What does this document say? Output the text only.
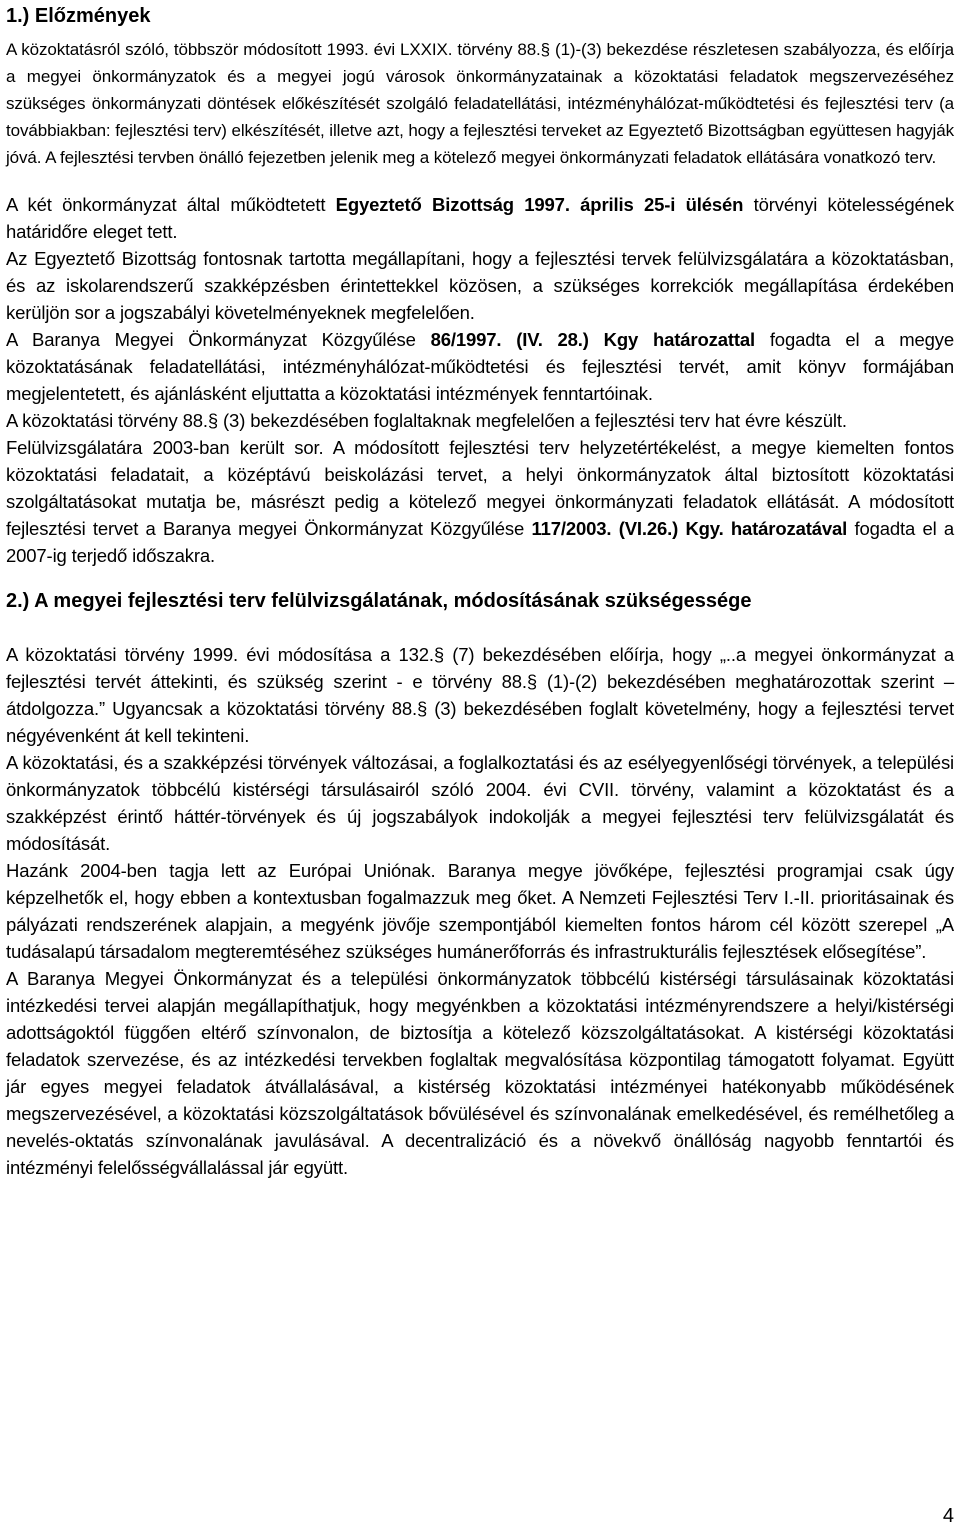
1.) Előzmények

A közoktatásról szóló, többször módosított 1993. évi LXXIX. törvény 88.§ (1)-(3) bekezdése részletesen szabályozza, és előírja a megyei önkormányzatok és a megyei jogú városok önkormányzatainak a közoktatási feladatok megszervezéséhez szükséges önkormányzati döntések előkészítését szolgáló feladatellátási, intézményhálózat-működtetési és fejlesztési terv (a továbbiakban: fejlesztési terv) elkészítését, illetve azt, hogy a fejlesztési terveket az Egyeztető Bizottságban együttesen hagyják jóvá. A fejlesztési tervben önálló fejezetben jelenik meg a kötelező megyei önkormányzati feladatok ellátására vonatkozó terv.

A két önkormányzat által működtetett Egyeztető Bizottság 1997. április 25-i ülésén törvényi kötelességének határidőre eleget tett.

Az Egyeztető Bizottság fontosnak tartotta megállapítani, hogy a fejlesztési tervek felülvizsgálatára a közoktatásban, és az iskolarendszerű szakképzésben érintettekkel közösen, a szükséges korrekciók megállapítása érdekében kerüljön sor a jogszabályi követelményeknek megfelelően.

A Baranya Megyei Önkormányzat Közgyűlése 86/1997. (IV. 28.) Kgy határozattal fogadta el a megye közoktatásának feladatellátási, intézményhálózat-működtetési és fejlesztési tervét, amit könyv formájában megjelentetett, és ajánlásként eljuttatta a közoktatási intézmények fenntartóinak.

A közoktatási törvény 88.§ (3) bekezdésében foglaltaknak megfelelően a fejlesztési terv hat évre készült.

Felülvizsgálatára 2003-ban került sor. A módosított fejlesztési terv helyzetértékelést, a megye kiemelten fontos közoktatási feladatait, a középtávú beiskolázási tervet, a helyi önkormányzatok által biztosított közoktatási szolgáltatásokat mutatja be, másrészt pedig a kötelező megyei önkormányzati feladatok ellátását. A módosított fejlesztési tervet a Baranya megyei Önkormányzat Közgyűlése 117/2003. (VI.26.) Kgy. határozatával fogadta el a 2007-ig terjedő időszakra.

2.) A megyei fejlesztési terv felülvizsgálatának, módosításának szükségessége

A közoktatási törvény 1999. évi módosítása a 132.§ (7) bekezdésében előírja, hogy „..a megyei önkormányzat a fejlesztési tervét áttekinti, és szükség szerint - e törvény 88.§ (1)-(2) bekezdésében meghatározottak szerint – átdolgozza.” Ugyancsak a közoktatási törvény 88.§ (3) bekezdésében foglalt követelmény, hogy a fejlesztési tervet négyévenként át kell tekinteni.

A közoktatási, és a szakképzési törvények változásai, a foglalkoztatási és az esélyegyenlőségi törvények, a települési önkormányzatok többcélú kistérségi társulásairól szóló 2004. évi CVII. törvény, valamint a közoktatást és a szakképzést érintő háttér-törvények és új jogszabályok indokolják a megyei fejlesztési terv felülvizsgálatát és módosítását.

Hazánk 2004-ben tagja lett az Európai Uniónak. Baranya megye jövőképe, fejlesztési programjai csak úgy képzelhetők el, hogy ebben a kontextusban fogalmazzuk meg őket. A Nemzeti Fejlesztési Terv I.-II. prioritásainak és pályázati rendszerének alapjain, a megyénk jövője szempontjából kiemelten fontos három cél között szerepel „A tudásalapú társadalom megteremtéséhez szükséges humánerőforrás és infrastrukturális fejlesztések elősegítése”.

A Baranya Megyei Önkormányzat és a települési önkormányzatok többcélú kistérségi társulásainak közoktatási intézkedési tervei alapján megállapíthatjuk, hogy megyénkben a közoktatási intézményrendszere a helyi/kistérségi adottságoktól függően eltérő színvonalon, de biztosítja a kötelező közszolgáltatásokat. A kistérségi közoktatási feladatok szervezése, és az intézkedési tervekben foglaltak megvalósítása központilag támogatott folyamat. Együtt jár egyes megyei feladatok átvállalásával, a kistérség közoktatási intézményei hatékonyabb működésének megszervezésével, a közoktatási közszolgáltatások bővülésével és színvonalának emelkedésével, és remélhetőleg a nevelés-oktatás színvonalának javulásával. A decentralizáció és a növekvő önállóság nagyobb fenntartói és intézményi felelősségvállalással jár együtt.

4
